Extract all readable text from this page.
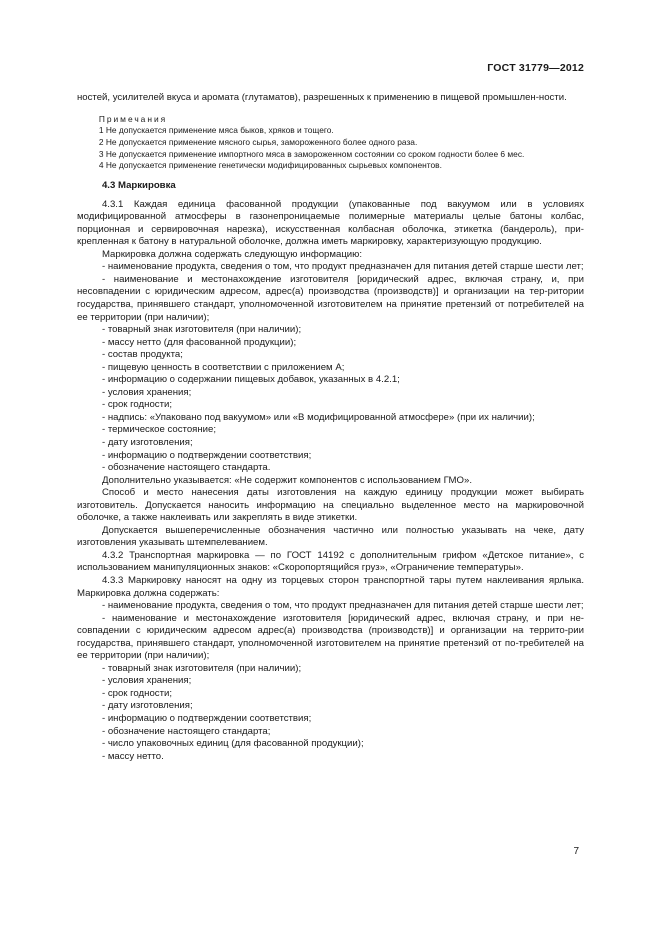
ГОСТ 31779—2012

ностей, усилителей вкуса и аромата (глутаматов), разрешенных к применению в пищевой промышлен-ности.

Примечания

1 Не допускается применение мяса быков, хряков и тощего.

2 Не допускается применение мясного сырья, замороженного более одного раза.

3 Не допускается применение импортного мяса в замороженном состоянии со сроком годности более 6 мес.

4 Не допускается применение генетически модифицированных сырьевых компонентов.

4.3 Маркировка

4.3.1 Каждая единица фасованной продукции (упакованные под вакуумом или в условиях модифицированной атмосферы в газонепроницаемые полимерные материалы целые батоны колбас, порционная и сервировочная нарезка), искусственная колбасная оболочка, этикетка (бандероль), при-крепленная к батону в натуральной оболочке, должна иметь маркировку, характеризующую продукцию.

Маркировка должна содержать следующую информацию:

- наименование продукта, сведения о том, что продукт предназначен для питания детей старше шести лет;

- наименование и местонахождение изготовителя [юридический адрес, включая страну, и, при несовпадении с юридическим адресом, адрес(а) производства (производств)] и организации на тер-ритории государства, принявшего стандарт, уполномоченной изготовителем на принятие претензий от потребителей на ее территории (при наличии);

- товарный знак изготовителя (при наличии);

- массу нетто (для фасованной продукции);

- состав продукта;

- пищевую ценность в соответствии с приложением А;

- информацию о содержании пищевых добавок, указанных в 4.2.1;

- условия хранения;

- срок годности;

- надпись: «Упаковано под вакуумом» или «В модифицированной атмосфере» (при их наличии);

- термическое состояние;

- дату изготовления;

- информацию о подтверждении соответствия;

- обозначение настоящего стандарта.

Дополнительно указывается: «Не содержит компонентов с использованием ГМО».

Способ и место нанесения даты изготовления на каждую единицу продукции может выбирать изготовитель. Допускается наносить информацию на специально выделенное место на маркировочной оболочке, а также наклеивать или закреплять в виде этикетки.

Допускается вышеперечисленные обозначения частично или полностью указывать на чеке, дату изготовления указывать штемпелеванием.

4.3.2 Транспортная маркировка — по ГОСТ 14192 с дополнительным грифом «Детское питание», с использованием манипуляционных знаков: «Скоропортящийся груз», «Ограничение температуры».

4.3.3 Маркировку наносят на одну из торцевых сторон транспортной тары путем наклеивания ярлыка. Маркировка должна содержать:

- наименование продукта, сведения о том, что продукт предназначен для питания детей старше шести лет;

- наименование и местонахождение изготовителя [юридический адрес, включая страну, и при не-совпадении с юридическим адресом адрес(а) производства (производств)] и организации на террито-рии государства, принявшего стандарт, уполномоченной изготовителем на принятие претензий от по-требителей на ее территории (при наличии);

- товарный знак изготовителя (при наличии);

- условия хранения;

- срок годности;

- дату изготовления;

- информацию о подтверждении соответствия;

- обозначение настоящего стандарта;

- число упаковочных единиц (для фасованной продукции);

- массу нетто.

7
